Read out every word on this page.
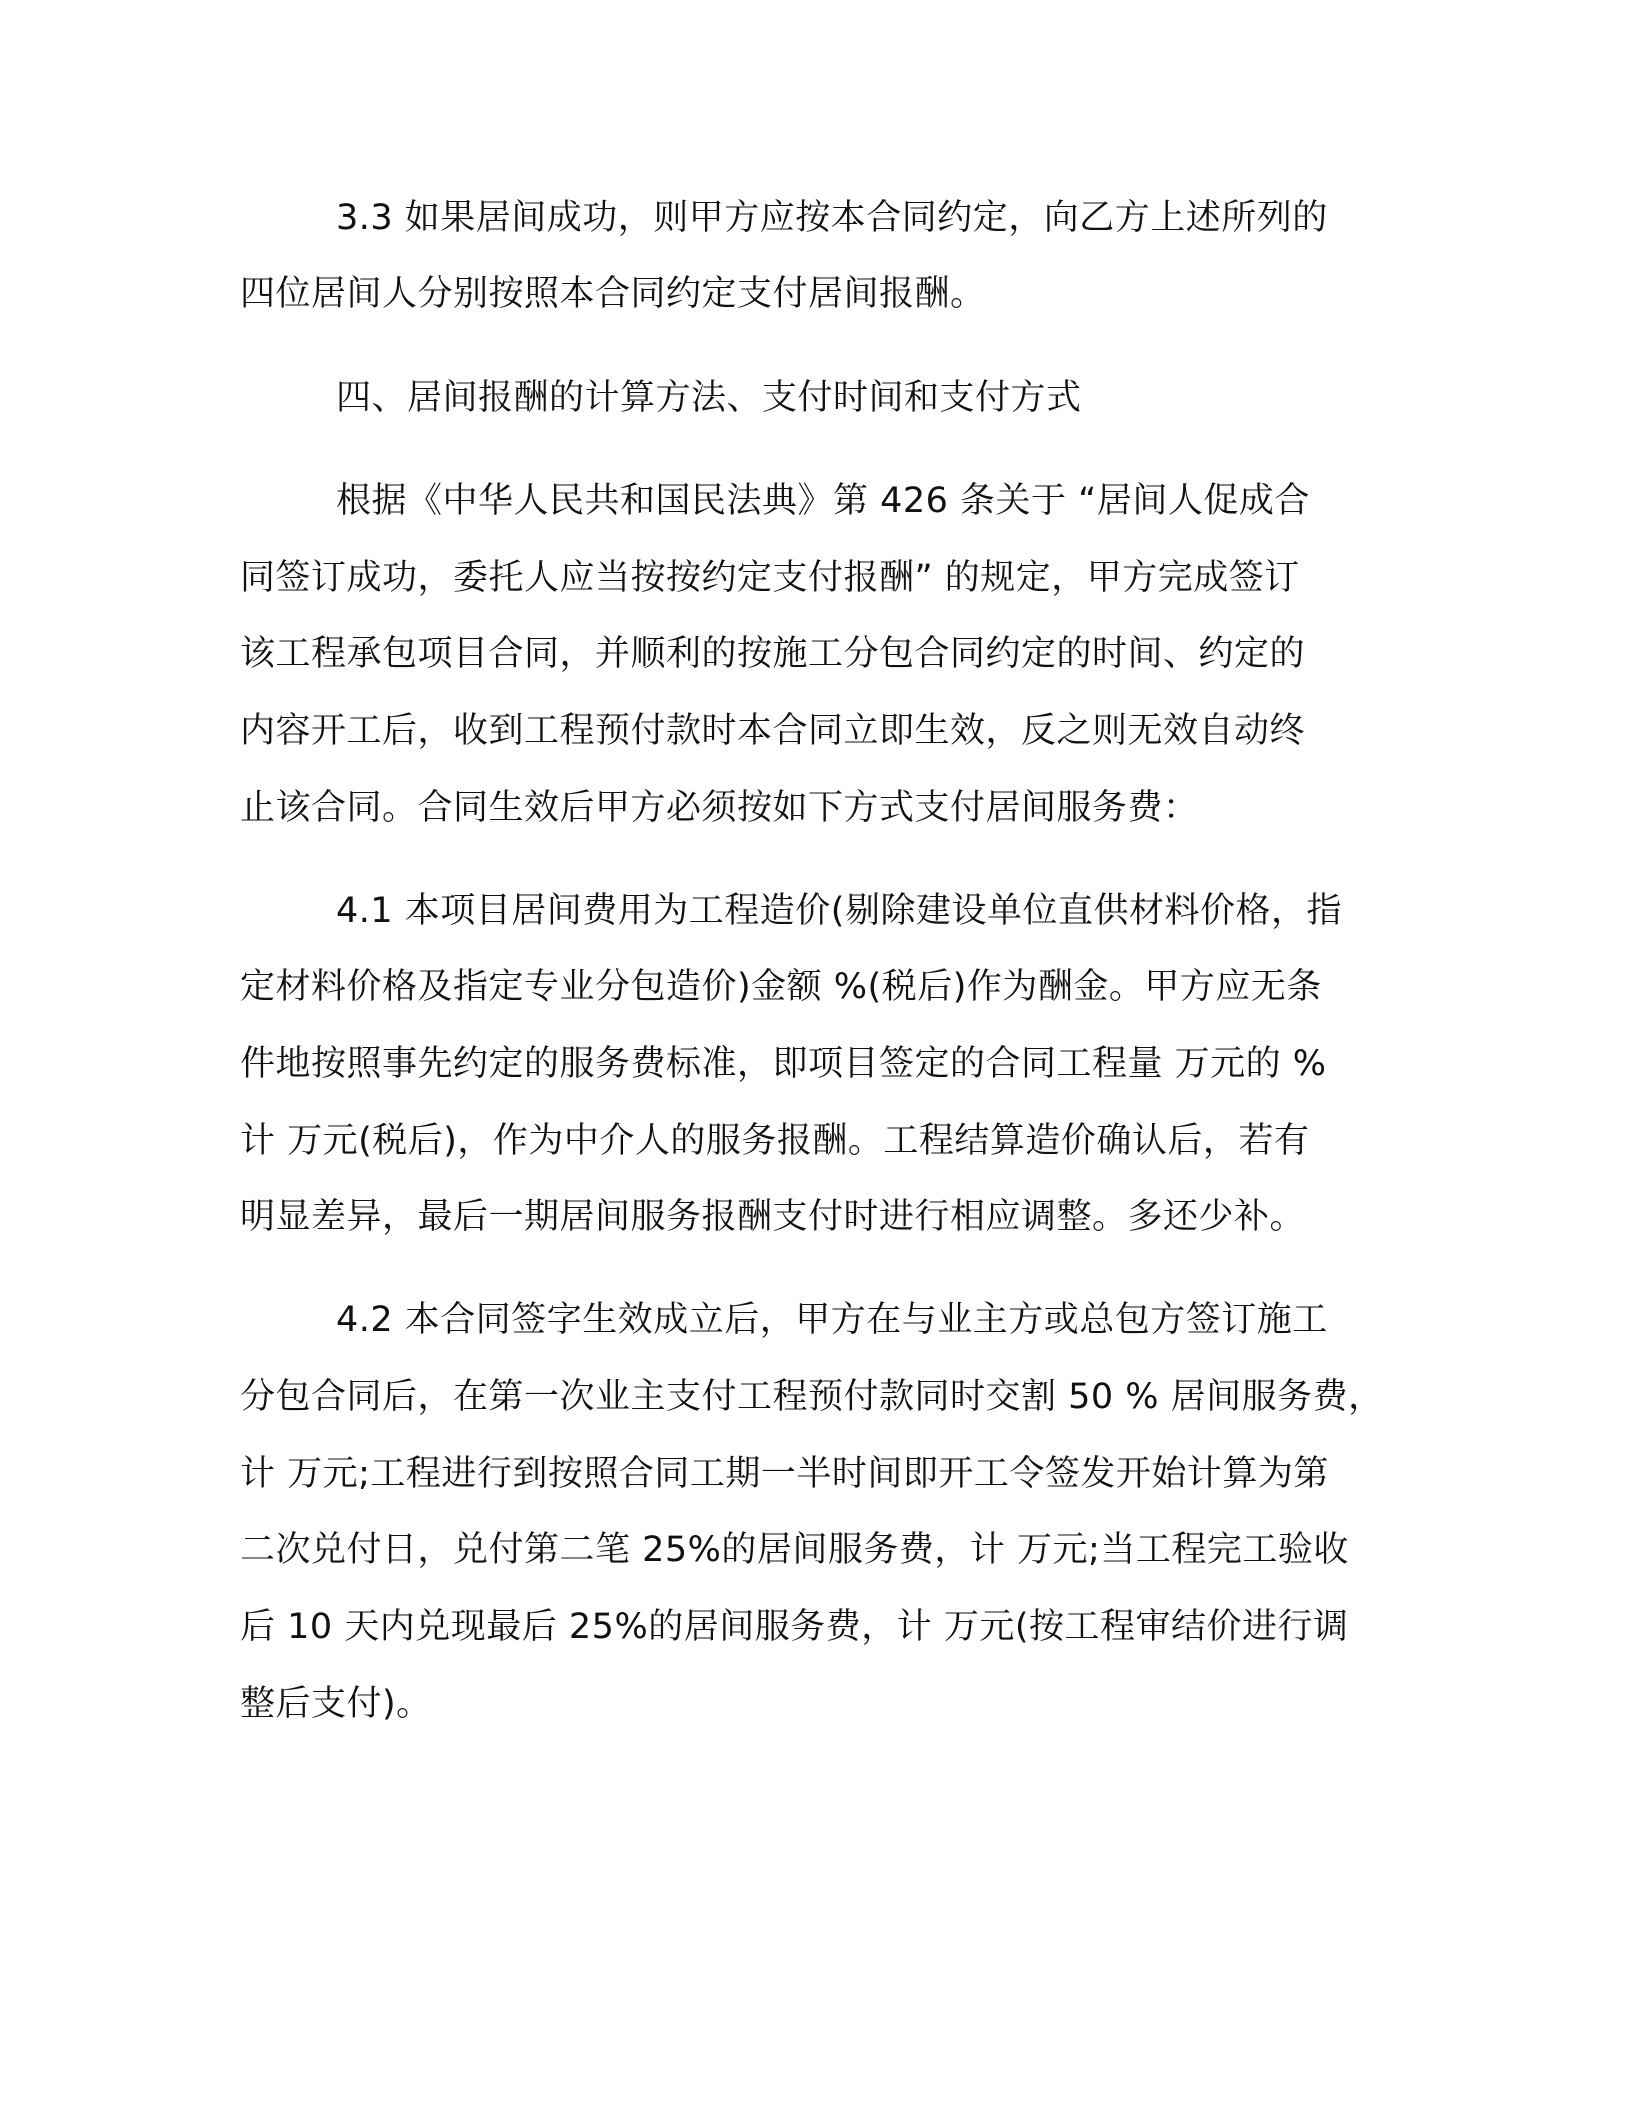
3.3 如果居间成功，则甲方应按本合同约定，向乙方上述所列的
四位居间人分别按照本合同约定支付居间报酬。
四、居间报酬的计算方法、支付时间和支付方式
根据《中华人民共和国民法典》第 426 条关于 “居间人促成合
同签订成功，委托人应当按按约定支付报酬” 的规定，甲方完成签订
该工程承包项目合同，并顺利的按施工分包合同约定的时间、约定的
内容开工后，收到工程预付款时本合同立即生效，反之则无效自动终
止该合同。合同生效后甲方必须按如下方式支付居间服务费：
4.1 本项目居间费用为工程造价(剔除建设单位直供材料价格，指
定材料价格及指定专业分包造价)金额 %(税后)作为酬金。甲方应无条
件地按照事先约定的服务费标准，即项目签定的合同工程量 万元的 %
计 万元(税后)，作为中介人的服务报酬。工程结算造价确认后，若有
明显差异，最后一期居间服务报酬支付时进行相应调整。多还少补。
4.2 本合同签字生效成立后，甲方在与业主方或总包方签订施工
分包合同后，在第一次业主支付工程预付款同时交割 50 % 居间服务费，
计 万元;工程进行到按照合同工期一半时间即开工令签发开始计算为第
二次兑付日，兑付第二笔 25%的居间服务费，计 万元;当工程完工验收
后 10 天内兑现最后 25%的居间服务费，计 万元(按工程审结价进行调
整后支付)。
